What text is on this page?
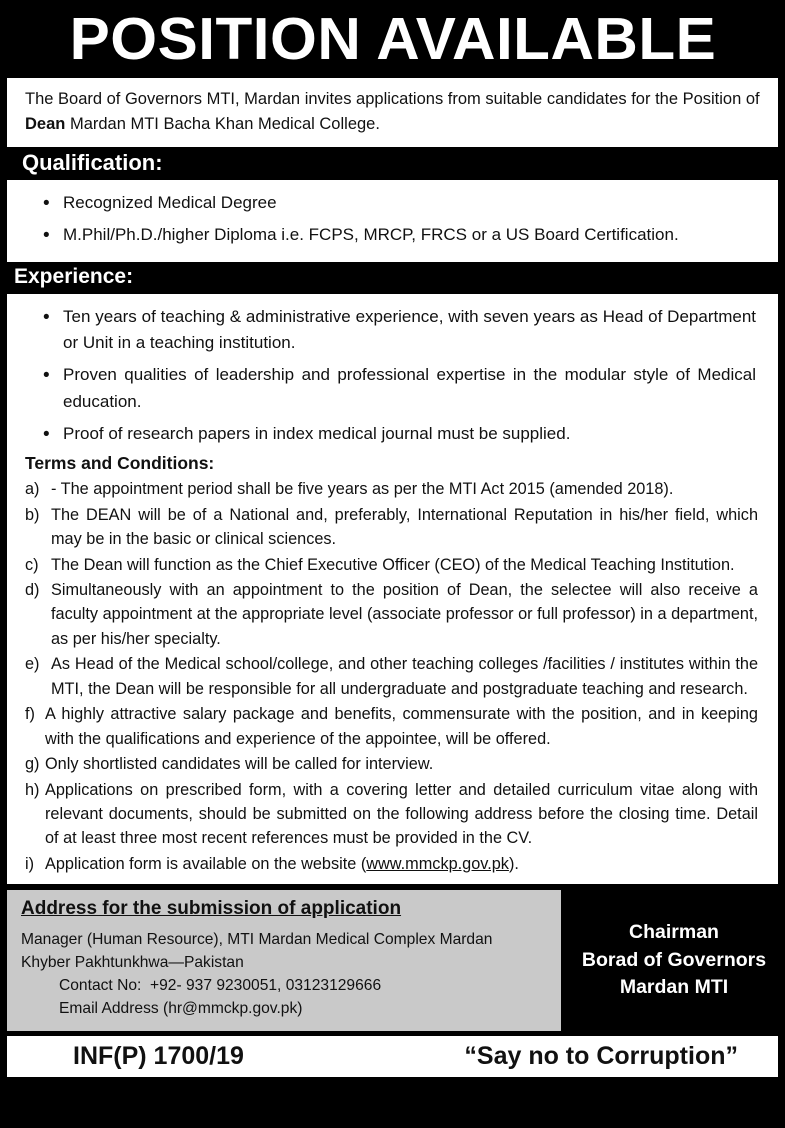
POSITION AVAILABLE
The Board of Governors MTI, Mardan invites applications from suitable candidates for the Position of Dean Mardan MTI Bacha Khan Medical College.
Qualification:
• Recognized Medical Degree
• M.Phil/Ph.D./higher Diploma i.e. FCPS, MRCP, FRCS or a US Board Certification.
Experience:
• Ten years of teaching & administrative experience, with seven years as Head of Department or Unit in a teaching institution.
• Proven qualities of leadership and professional expertise in the modular style of Medical education.
• Proof of research papers in index medical journal must be supplied.
Terms and Conditions:
a) - The appointment period shall be five years as per the MTI Act 2015 (amended 2018).
b) The DEAN will be of a National and, preferably, International Reputation in his/her field, which may be in the basic or clinical sciences.
c) The Dean will function as the Chief Executive Officer (CEO) of the Medical Teaching Institution.
d) Simultaneously with an appointment to the position of Dean, the selectee will also receive a faculty appointment at the appropriate level (associate professor or full professor) in a department, as per his/her specialty.
e) As Head of the Medical school/college, and other teaching colleges /facilities / institutes within the MTI, the Dean will be responsible for all undergraduate and postgraduate teaching and research.
f) A highly attractive salary package and benefits, commensurate with the position, and in keeping with the qualifications and experience of the appointee, will be offered.
g) Only shortlisted candidates will be called for interview.
h) Applications on prescribed form, with a covering letter and detailed curriculum vitae along with relevant documents, should be submitted on the following address before the closing time. Detail of at least three most recent references must be provided in the CV.
i) Application form is available on the website (www.mmckp.gov.pk).
Address for the submission of application
Manager (Human Resource), MTI Mardan Medical Complex Mardan
Khyber Pakhtunkhwa—Pakistan
Contact No: +92- 937 9230051, 03123129666
Email Address (hr@mmckp.gov.pk)
Chairman
Borad of Governors
Mardan MTI
INF(P) 1700/19	“Say no to Corruption”
